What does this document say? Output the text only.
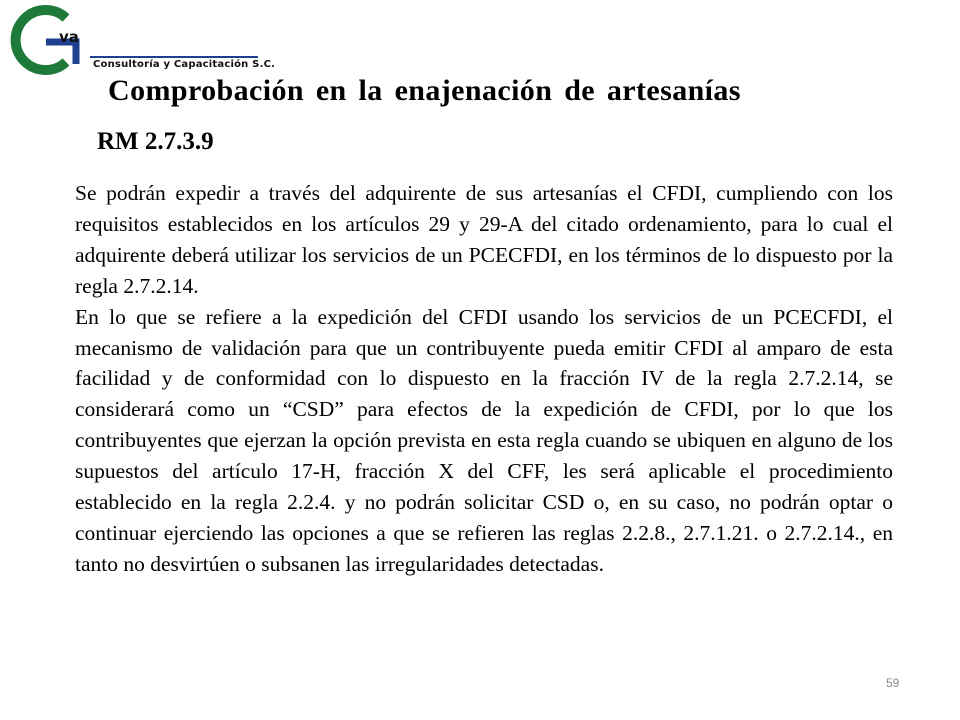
va
Consultoría y Capacitación S.C.
Comprobación en la enajenación de artesanías
RM 2.7.3.9

Se podrán expedir a través del adquirente de sus artesanías el CFDI, cumpliendo con los requisitos establecidos en los artículos 29 y 29-A del citado ordenamiento, para lo cual el adquirente deberá utilizar los servicios de un PCECFDI, en los términos de lo dispuesto por la regla 2.7.2.14.

En lo que se refiere a la expedición del CFDI usando los servicios de un PCECFDI, el mecanismo de validación para que un contribuyente pueda emitir CFDI al amparo de esta facilidad y de conformidad con lo dispuesto en la fracción IV de la regla 2.7.2.14, se considerará como un “CSD” para efectos de la expedición de CFDI, por lo que los contribuyentes que ejerzan la opción prevista en esta regla cuando se ubiquen en alguno de los supuestos del artículo 17-H, fracción X del CFF, les será aplicable el procedimiento establecido en la regla 2.2.4. y no podrán solicitar CSD o, en su caso, no podrán optar o continuar ejerciendo las opciones a que se refieren las reglas 2.2.8., 2.7.1.21. o 2.7.2.14., en tanto no desvirtúen o subsanen las irregularidades detectadas.

59
